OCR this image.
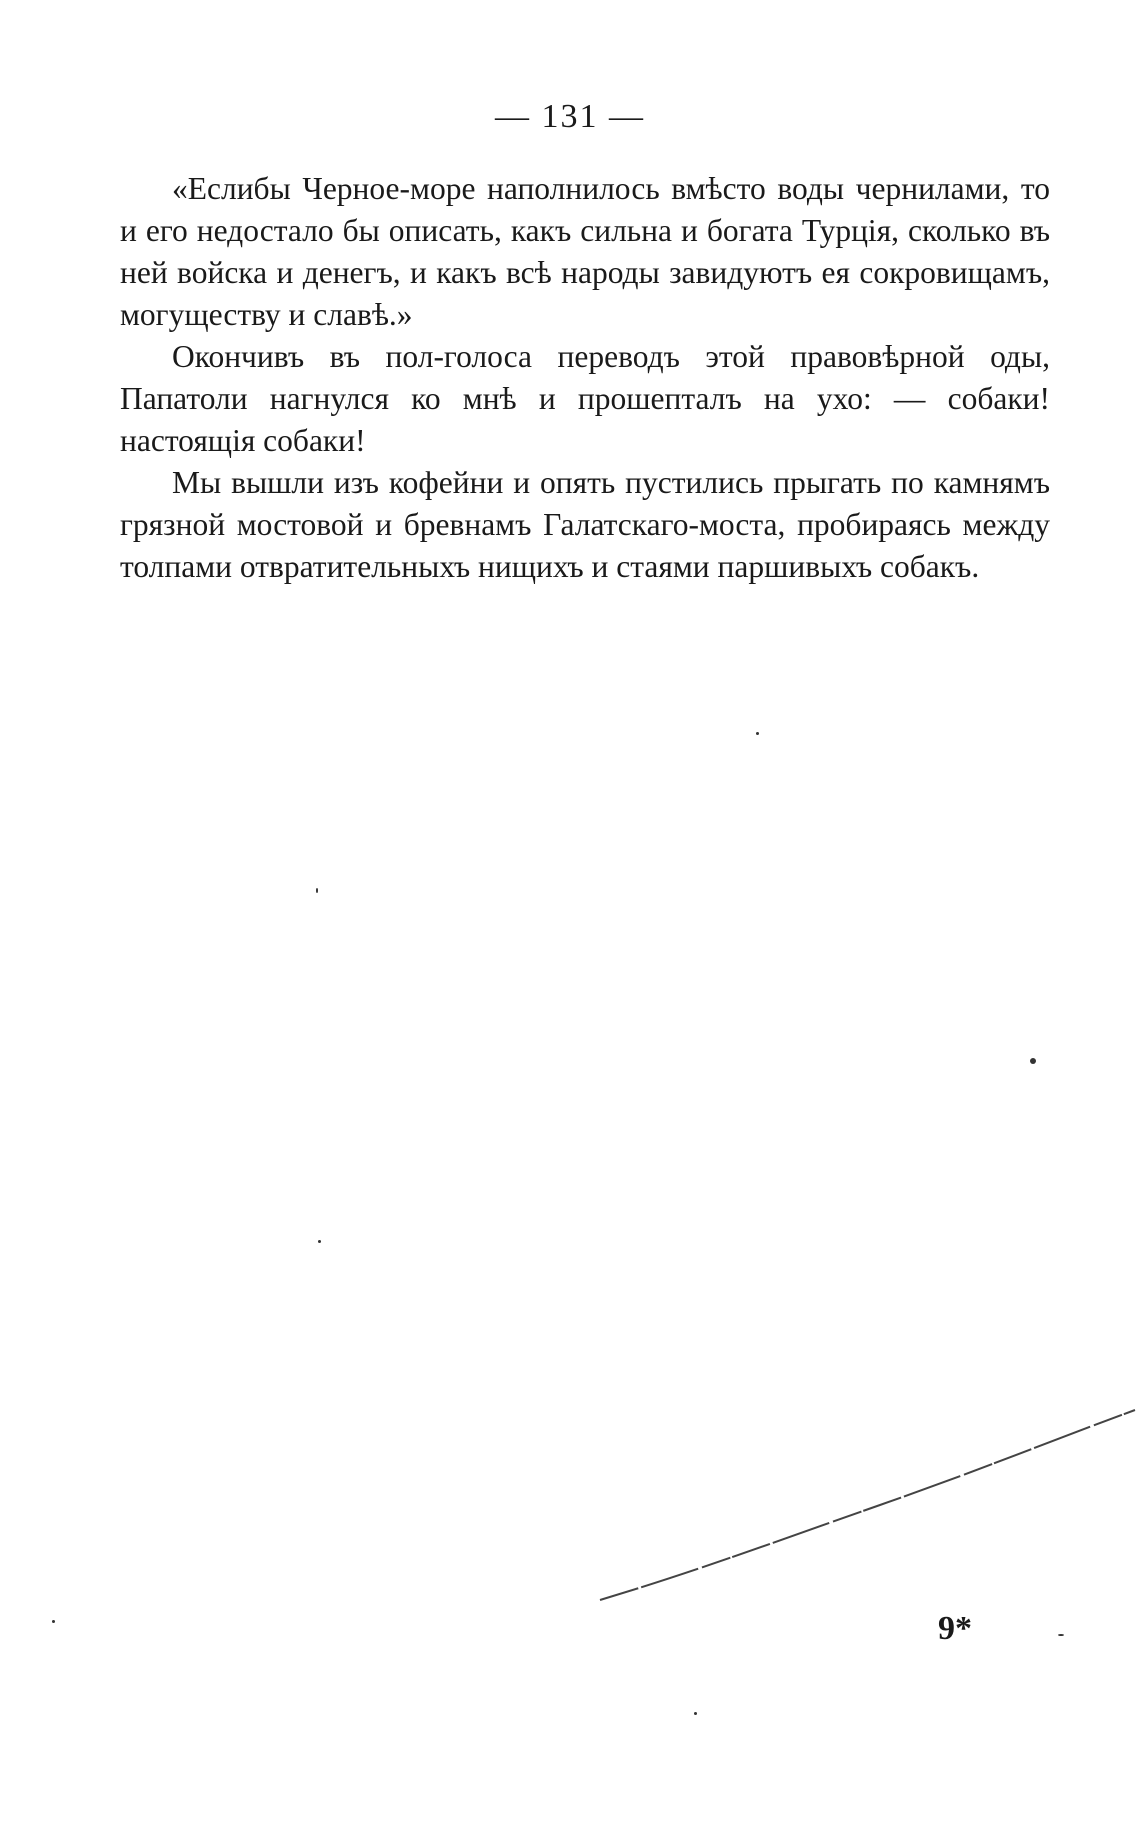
— 131 —

«Еслибы Черное-море наполнилось вмѣсто воды чернилами, то и его недостало бы описать, какъ сильна и богата Турція, сколько въ ней войска и денегъ, и какъ всѣ народы завидуютъ ея сокровищамъ, могуществу и славѣ.»

Окончивъ въ пол-голоса переводъ этой правовѣрной оды, Папатоли нагнулся ко мнѣ и прошепталъ на ухо: — собаки! настоящія собаки!

Мы вышли изъ кофейни и опять пустились прыгать по камнямъ грязной мостовой и бревнамъ Галатскаго-моста, пробираясь между толпами отвратительныхъ нищихъ и стаями паршивыхъ собакъ.

9*
